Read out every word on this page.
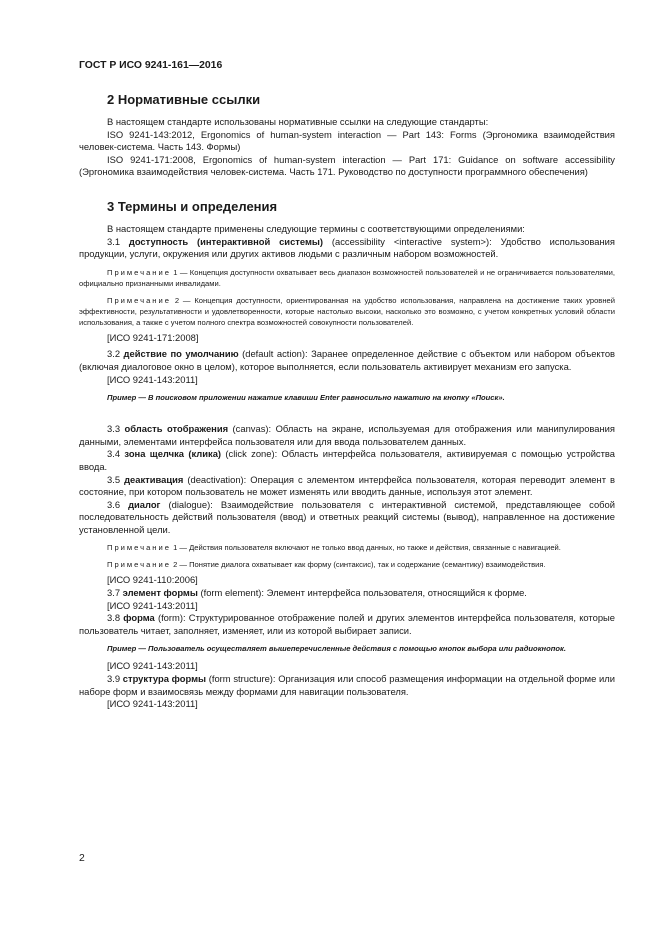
ГОСТ Р ИСО 9241-161—2016
2 Нормативные ссылки

В настоящем стандарте использованы нормативные ссылки на следующие стандарты:

ISO 9241-143:2012, Ergonomics of human-system interaction — Part 143: Forms (Эргономика взаимодействия человек-система. Часть 143. Формы)

ISO 9241-171:2008, Ergonomics of human-system interaction — Part 171: Guidance on software accessibility (Эргономика взаимодействия человек-система. Часть 171. Руководство по доступности программного обеспечения)

3 Термины и определения

В настоящем стандарте применены следующие термины с соответствующими определениями:

3.1 доступность (интерактивной системы) (accessibility <interactive system>): Удобство использования продукции, услуги, окружения или других активов людьми с различным набором возможностей.

Примечание 1 — Концепция доступности охватывает весь диапазон возможностей пользователей и не ограничивается пользователями, официально признанными инвалидами.

Примечание 2 — Концепция доступности, ориентированная на удобство использования, направлена на достижение таких уровней эффективности, результативности и удовлетворенности, которые настолько высоки, насколько это возможно, с учетом конкретных условий области использования, а также с учетом полного спектра возможностей совокупности пользователей.

[ИСО 9241-171:2008]

3.2 действие по умолчанию (default action): Заранее определенное действие с объектом или набором объектов (включая диалоговое окно в целом), которое выполняется, если пользователь активирует механизм его запуска.

[ИСО 9241-143:2011]

Пример — В поисковом приложении нажатие клавиши Enter равносильно нажатию на кнопку «Поиск».

3.3 область отображения (canvas): Область на экране, используемая для отображения или манипулирования данными, элементами интерфейса пользователя или для ввода пользователем данных.

3.4 зона щелчка (клика) (click zone): Область интерфейса пользователя, активируемая с помощью устройства ввода.

3.5 деактивация (deactivation): Операция с элементом интерфейса пользователя, которая переводит элемент в состояние, при котором пользователь не может изменять или вводить данные, используя этот элемент.

3.6 диалог (dialogue): Взаимодействие пользователя с интерактивной системой, представляющее собой последовательность действий пользователя (ввод) и ответных реакций системы (вывод), направленное на достижение установленной цели.

Примечание 1 — Действия пользователя включают не только ввод данных, но также и действия, связанные с навигацией.

Примечание 2 — Понятие диалога охватывает как форму (синтаксис), так и содержание (семантику) взаимодействия.

[ИСО 9241-110:2006]

3.7 элемент формы (form element): Элемент интерфейса пользователя, относящийся к форме.

[ИСО 9241-143:2011]

3.8 форма (form): Структурированное отображение полей и других элементов интерфейса пользователя, которые пользователь читает, заполняет, изменяет, или из которой выбирает записи.

Пример — Пользователь осуществляет вышеперечисленные действия с помощью кнопок выбора или радиокнопок.

[ИСО 9241-143:2011]

3.9 структура формы (form structure): Организация или способ размещения информации на отдельной форме или наборе форм и взаимосвязь между формами для навигации пользователя.

[ИСО 9241-143:2011]

2
